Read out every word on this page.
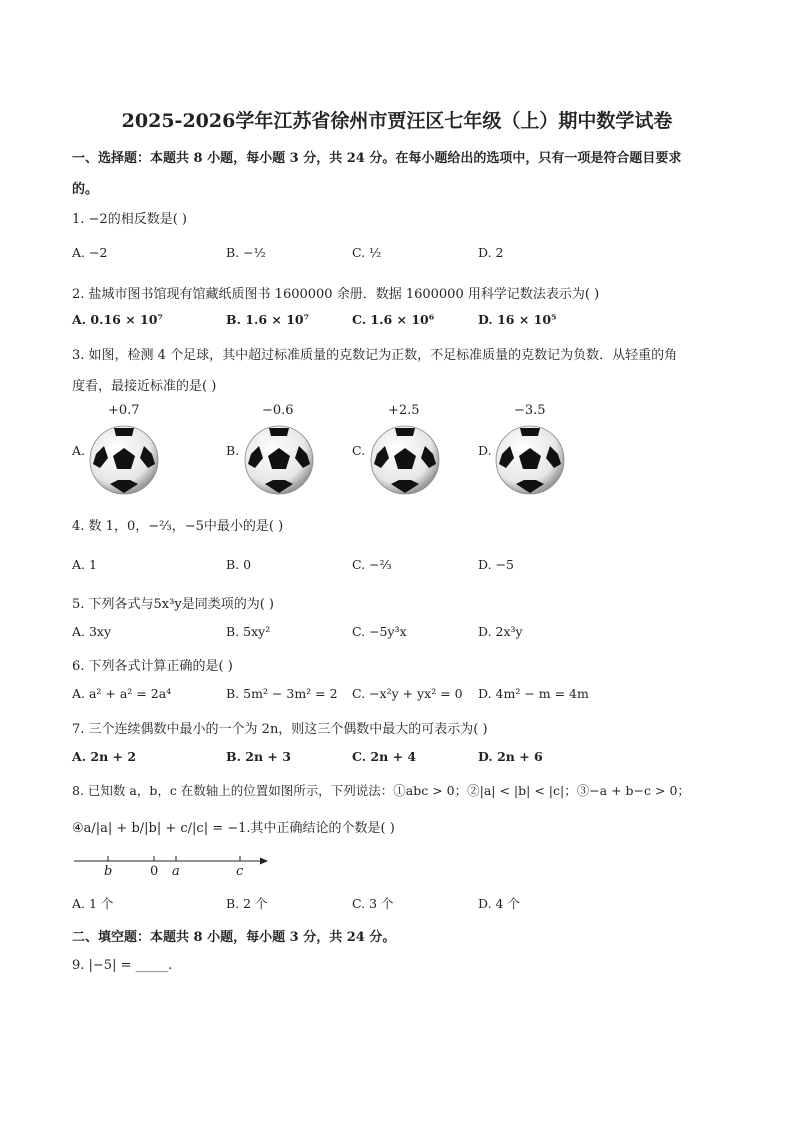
2025-2026学年江苏省徐州市贾汪区七年级（上）期中数学试卷
一、选择题：本题共 8 小题，每小题 3 分，共 24 分。在每小题给出的选项中，只有一项是符合题目要求
的。
1. −2的相反数是( )
A. −2	B. −½	C. ½	D. 2
2. 盐城市图书馆现有馆藏纸质图书 1600000 余册．数据 1600000 用科学记数法表示为( )
A. 0.16 × 10⁷	B. 1.6 × 10⁷	C. 1.6 × 10⁶	D. 16 × 10⁵
3. 如图，检测 4 个足球，其中超过标准质量的克数记为正数，不足标准质量的克数记为负数．从轻重的角
度看，最接近标准的是( )
+0.7	−0.6	+2.5	−3.5
A.	B.	C.	D.
4. 数 1，0，−⅔，−5中最小的是( )
A. 1	B. 0	C. −⅔	D. −5
5. 下列各式与5x³y是同类项的为( )
A. 3xy	B. 5xy²	C. −5y³x	D. 2x³y
6. 下列各式计算正确的是( )
A. a² + a² = 2a⁴	B. 5m² − 3m² = 2 C. −x²y + yx² = 0 D. 4m² − m = 4m
7. 三个连续偶数中最小的一个为 2n，则这三个偶数中最大的可表示为( )
A. 2n + 2	B. 2n + 3	C. 2n + 4	D. 2n + 6
8. 已知数 a，b，c 在数轴上的位置如图所示，下列说法：①abc > 0；②|a| < |b| < |c|；③−a + b−c > 0；
④a/|a| + b/|b| + c/|c| = −1.其中正确结论的个数是( )
b	0 a	c
A. 1 个	B. 2 个	C. 3 个	D. 4 个
二、填空题：本题共 8 小题，每小题 3 分，共 24 分。
9. |−5| = _____.
